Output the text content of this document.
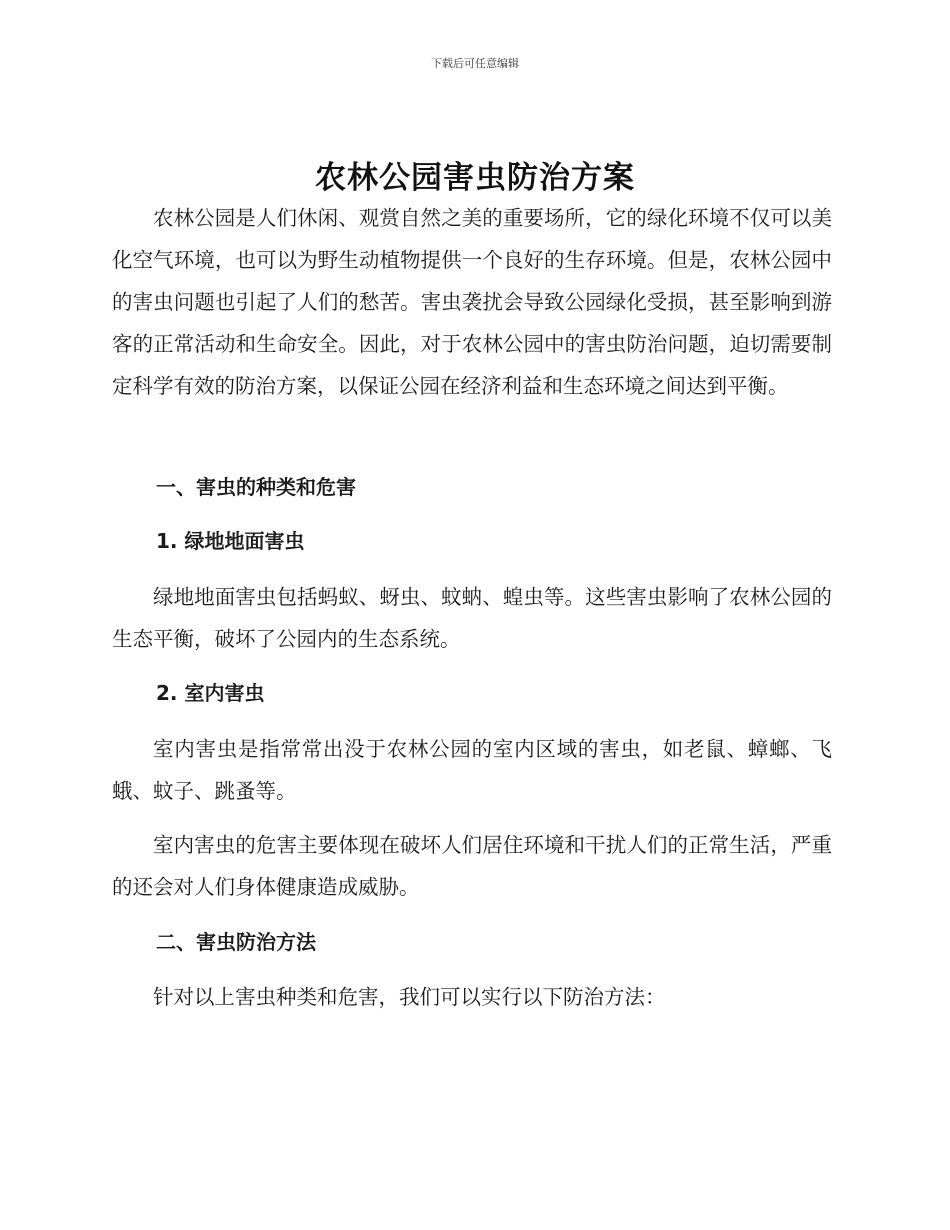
下载后可任意编辑
农林公园害虫防治方案

农林公园是人们休闲、观赏自然之美的重要场所，它的绿化环境不仅可以美化空气环境，也可以为野生动植物提供一个良好的生存环境。但是，农林公园中的害虫问题也引起了人们的愁苦。害虫袭扰会导致公园绿化受损，甚至影响到游客的正常活动和生命安全。因此，对于农林公园中的害虫防治问题，迫切需要制定科学有效的防治方案，以保证公园在经济利益和生态环境之间达到平衡。

一、害虫的种类和危害

1. 绿地地面害虫

绿地地面害虫包括蚂蚁、蚜虫、蚊蚋、蝗虫等。这些害虫影响了农林公园的生态平衡，破坏了公园内的生态系统。

2. 室内害虫

室内害虫是指常常出没于农林公园的室内区域的害虫，如老鼠、蟑螂、飞蛾、蚊子、跳蚤等。

室内害虫的危害主要体现在破坏人们居住环境和干扰人们的正常生活，严重的还会对人们身体健康造成威胁。

二、害虫防治方法

针对以上害虫种类和危害，我们可以实行以下防治方法：
